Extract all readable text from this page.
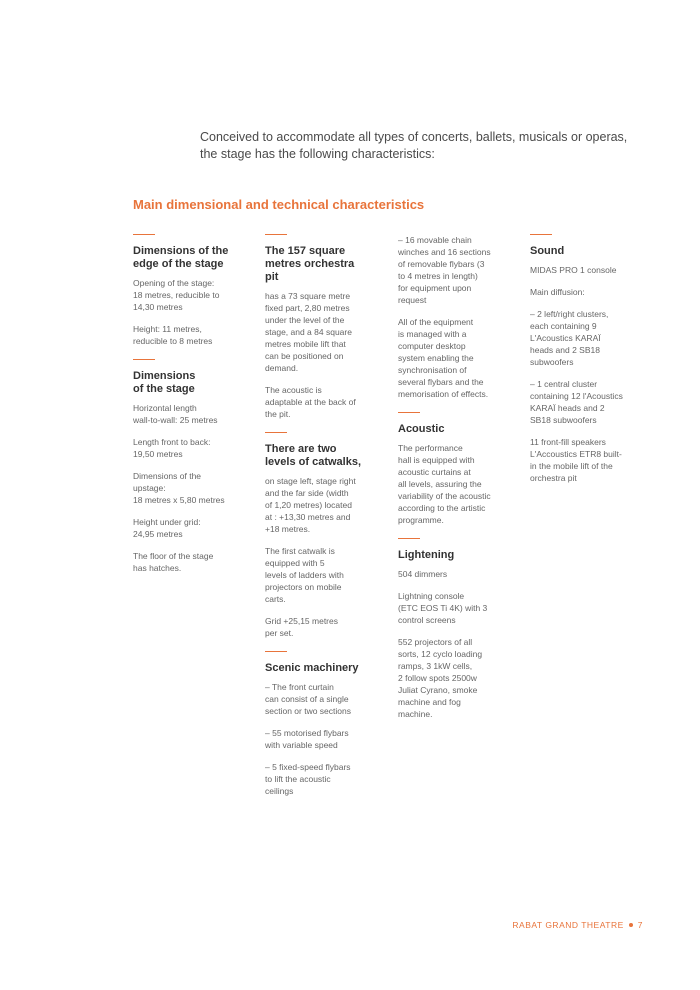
Conceived to accommodate all types of concerts, ballets, musicals or operas,

the stage has the following characteristics:

Main dimensional and technical characteristics
Dimensions of the
edge of the stage

Opening of the stage:
18 metres, reducible to
14,30 metres

Height: 11 metres,
reducible to 8 metres

Dimensions
of the stage

Horizontal length
wall-to-wall: 25 metres

Length front to back:
19,50 metres

Dimensions of the
upstage:
18 metres x 5,80 metres

Height under grid:
24,95 metres

The floor of the stage
has hatches.

The 157 square
metres orchestra
pit

has a 73 square metre
fixed part, 2,80 metres
under the level of the
stage, and a 84 square
metres mobile lift that
can be positioned on
demand.

The acoustic is
adaptable at the back of
the pit.

There are two
levels of catwalks,

on stage left, stage right
and the far side (width
of 1,20 metres) located
at : +13,30 metres and
+18 metres.

The first catwalk is
equipped with 5
levels of ladders with
projectors on mobile
carts.

Grid +25,15 metres
per set.

Scenic machinery

– The front curtain
can consist of a single
section or two sections

– 55 motorised flybars
with variable speed

– 5 fixed-speed flybars
to lift the acoustic
ceilings

– 16 movable chain
winches and 16 sections
of removable flybars (3
to 4 metres in length)
for equipment upon
request

All of the equipment
is managed with a
computer desktop
system enabling the
synchronisation of
several flybars and the
memorisation of effects.

Acoustic

The performance
hall is equipped with
acoustic curtains at
all levels, assuring the
variability of the acoustic
according to the artistic
programme.

Lightening

504 dimmers

Lightning console
(ETC EOS Ti 4K) with 3
control screens

552 projectors of all
sorts, 12 cyclo loading
ramps, 3 1kW cells,
2 follow spots 2500w
Juliat Cyrano, smoke
machine and fog
machine.

Sound

MIDAS PRO 1 console

Main diffusion:

– 2 left/right clusters,
each containing 9
L'Acoustics KARAÏ
heads and 2 SB18
subwoofers

– 1 central cluster
containing 12 l'Acoustics
KARAÏ heads and 2
SB18 subwoofers

11 front-fill speakers
L'Accoustics ETR8 built-
in the mobile lift of the
orchestra pit

RABAT GRAND THEATRE 7
